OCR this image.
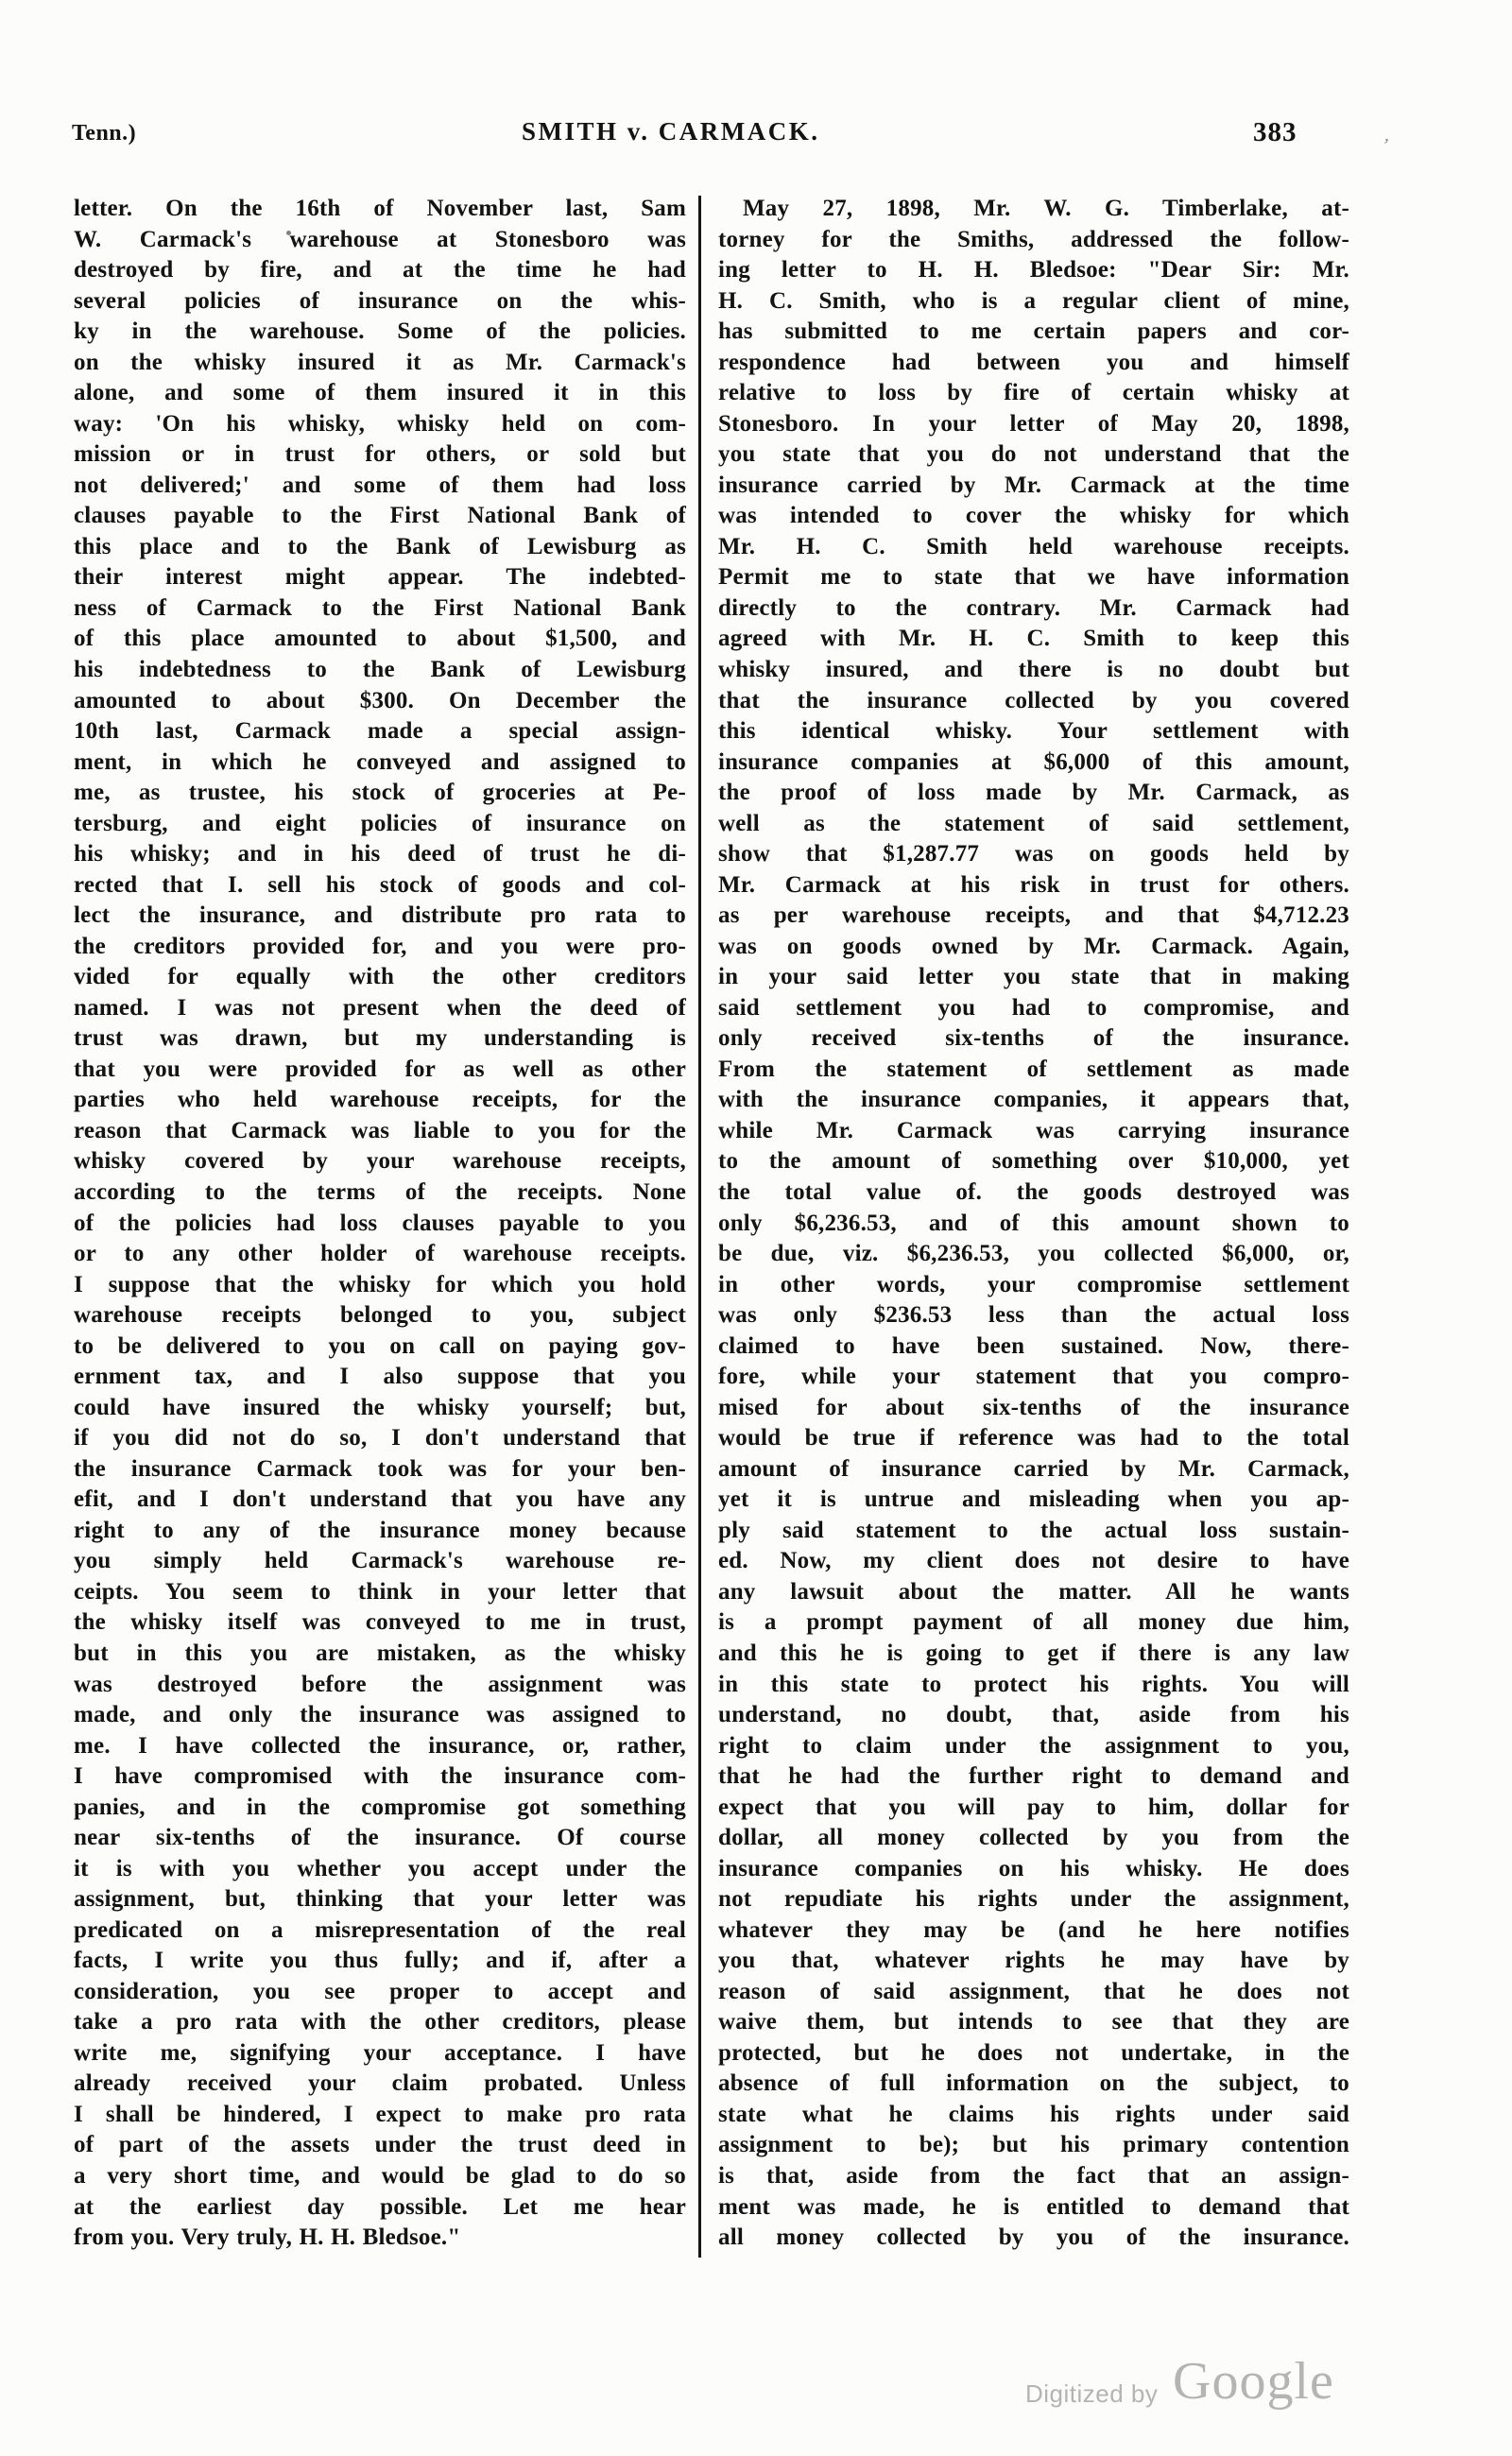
Tenn.)	SMITH v. CARMACK.	383	,
letter. On the 16th of November last, Sam
W. Carmack's warehouse at Stonesboro was
destroyed by fire, and at the time he had
several policies of insurance on the whis-
ky in the warehouse. Some of the policies.
on the whisky insured it as Mr. Carmack's
alone, and some of them insured it in this
way: 'On his whisky, whisky held on com-
mission or in trust for others, or sold but
not delivered;' and some of them had loss
clauses payable to the First National Bank of
this place and to the Bank of Lewisburg as
their interest might appear. The indebted-
ness of Carmack to the First National Bank
of this place amounted to about $1,500, and
his indebtedness to the Bank of Lewisburg
amounted to about $300. On December the
10th last, Carmack made a special assign-
ment, in which he conveyed and assigned to
me, as trustee, his stock of groceries at Pe-
tersburg, and eight policies of insurance on
his whisky; and in his deed of trust he di-
rected that I. sell his stock of goods and col-
lect the insurance, and distribute pro rata to
the creditors provided for, and you were pro-
vided for equally with the other creditors
named. I was not present when the deed of
trust was drawn, but my understanding is
that you were provided for as well as other
parties who held warehouse receipts, for the
reason that Carmack was liable to you for the
whisky covered by your warehouse receipts,
according to the terms of the receipts. None
of the policies had loss clauses payable to you
or to any other holder of warehouse receipts.
I suppose that the whisky for which you hold
warehouse receipts belonged to you, subject
to be delivered to you on call on paying gov-
ernment tax, and I also suppose that you
could have insured the whisky yourself; but,
if you did not do so, I don't understand that
the insurance Carmack took was for your ben-
efit, and I don't understand that you have any
right to any of the insurance money because
you simply held Carmack's warehouse re-
ceipts. You seem to think in your letter that
the whisky itself was conveyed to me in trust,
but in this you are mistaken, as the whisky
was destroyed before the assignment was
made, and only the insurance was assigned to
me. I have collected the insurance, or, rather,
I have compromised with the insurance com-
panies, and in the compromise got something
near six-tenths of the insurance. Of course
it is with you whether you accept under the
assignment, but, thinking that your letter was
predicated on a misrepresentation of the real
facts, I write you thus fully; and if, after a
consideration, you see proper to accept and
take a pro rata with the other creditors, please
write me, signifying your acceptance. I have
already received your claim probated. Unless
I shall be hindered, I expect to make pro rata
of part of the assets under the trust deed in
a very short time, and would be glad to do so
at the earliest day possible. Let me hear
from you. Very truly, H. H. Bledsoe."
May 27, 1898, Mr. W. G. Timberlake, at-
torney for the Smiths, addressed the follow-
ing letter to H. H. Bledsoe: "Dear Sir: Mr.
H. C. Smith, who is a regular client of mine,
has submitted to me certain papers and cor-
respondence had between you and himself
relative to loss by fire of certain whisky at
Stonesboro. In your letter of May 20, 1898,
you state that you do not understand that the
insurance carried by Mr. Carmack at the time
was intended to cover the whisky for which
Mr. H. C. Smith held warehouse receipts.
Permit me to state that we have information
directly to the contrary. Mr. Carmack had
agreed with Mr. H. C. Smith to keep this
whisky insured, and there is no doubt but
that the insurance collected by you covered
this identical whisky. Your settlement with
insurance companies at $6,000 of this amount,
the proof of loss made by Mr. Carmack, as
well as the statement of said settlement,
show that $1,287.77 was on goods held by
Mr. Carmack at his risk in trust for others.
as per warehouse receipts, and that $4,712.23
was on goods owned by Mr. Carmack. Again,
in your said letter you state that in making
said settlement you had to compromise, and
only received six-tenths of the insurance.
From the statement of settlement as made
with the insurance companies, it appears that,
while Mr. Carmack was carrying insurance
to the amount of something over $10,000, yet
the total value of. the goods destroyed was
only $6,236.53, and of this amount shown to
be due, viz. $6,236.53, you collected $6,000, or,
in other words, your compromise settlement
was only $236.53 less than the actual loss
claimed to have been sustained. Now, there-
fore, while your statement that you compro-
mised for about six-tenths of the insurance
would be true if reference was had to the total
amount of insurance carried by Mr. Carmack,
yet it is untrue and misleading when you ap-
ply said statement to the actual loss sustain-
ed. Now, my client does not desire to have
any lawsuit about the matter. All he wants
is a prompt payment of all money due him,
and this he is going to get if there is any law
in this state to protect his rights. You will
understand, no doubt, that, aside from his
right to claim under the assignment to you,
that he had the further right to demand and
expect that you will pay to him, dollar for
dollar, all money collected by you from the
insurance companies on his whisky. He does
not repudiate his rights under the assignment,
whatever they may be (and he here notifies
you that, whatever rights he may have by
reason of said assignment, that he does not
waive them, but intends to see that they are
protected, but he does not undertake, in the
absence of full information on the subject, to
state what he claims his rights under said
assignment to be); but his primary contention
is that, aside from the fact that an assign-
ment was made, he is entitled to demand that
all money collected by you of the insurance.
Digitized by Google
